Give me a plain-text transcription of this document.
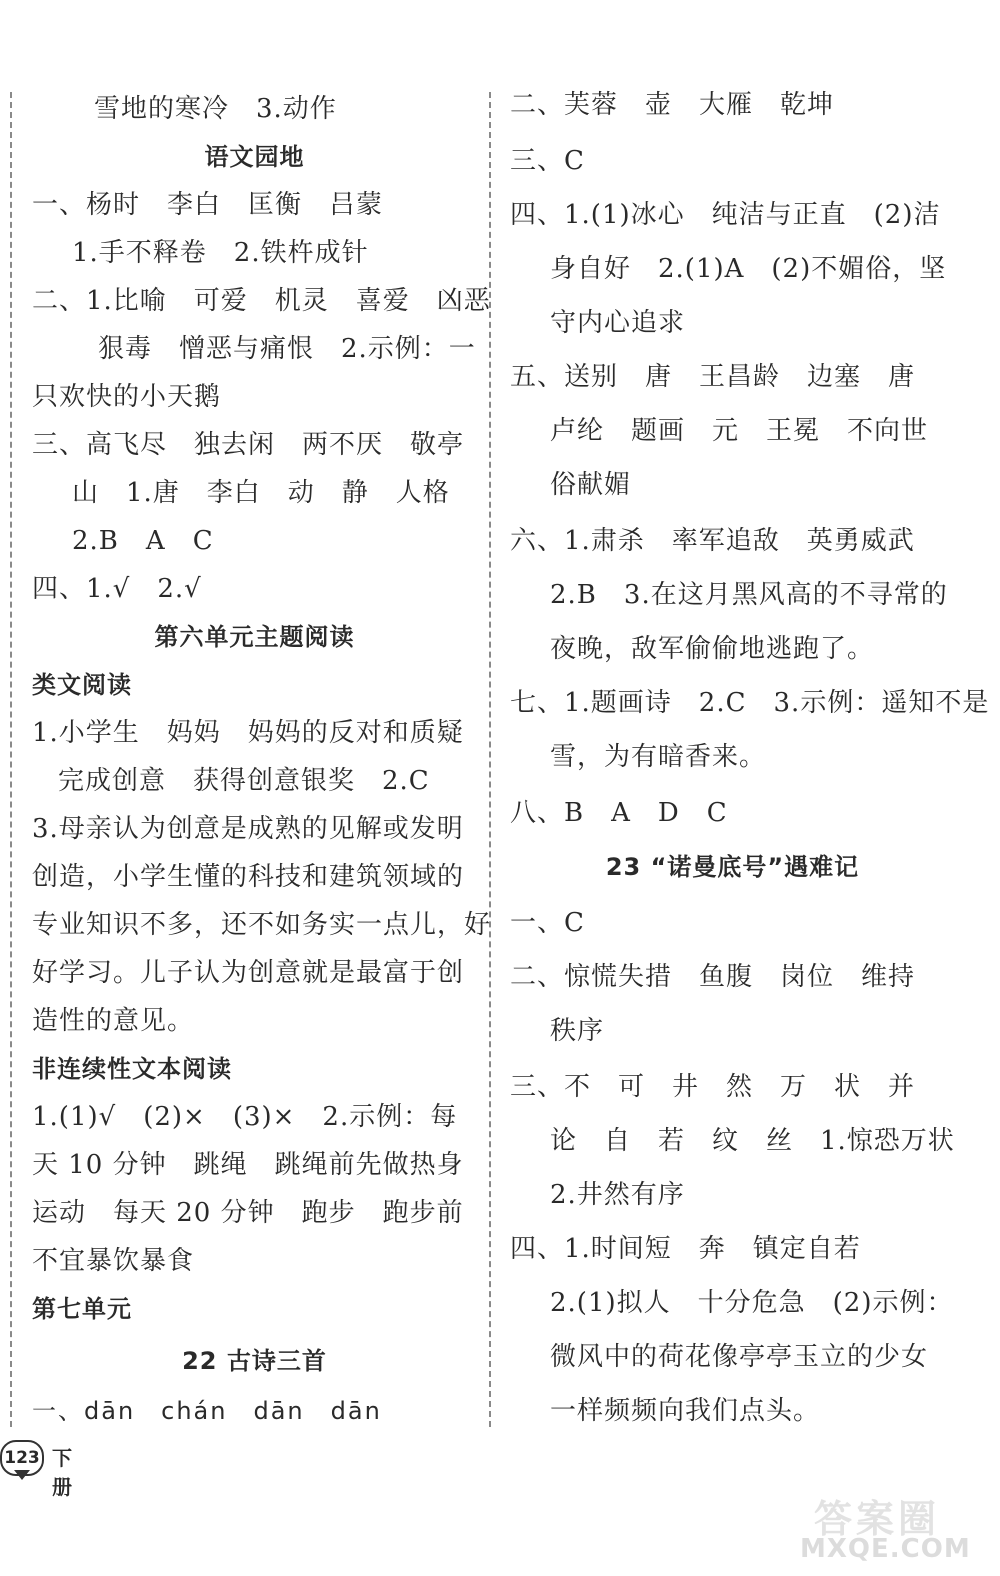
雪地的寒冷　3.动作
语文园地
一、杨时　李白　匡衡　吕蒙
1.手不释卷　2.铁杵成针
二、1.比喻　可爱　机灵　喜爱　凶恶
狠毒　憎恶与痛恨　2.示例：一
只欢快的小天鹅
三、高飞尽　独去闲　两不厌　敬亭
山　1.唐　李白　动　静　人格
2.B　A　C
四、1.√　2.√
第六单元主题阅读
类文阅读
1.小学生　妈妈　妈妈的反对和质疑
完成创意　获得创意银奖　2.C
3.母亲认为创意是成熟的见解或发明
创造，小学生懂的科技和建筑领域的
专业知识不多，还不如务实一点儿，好
好学习。儿子认为创意就是最富于创
造性的意见。
非连续性文本阅读
1.(1)√　(2)×　(3)×　2.示例：每
天 10 分钟　跳绳　跳绳前先做热身
运动　每天 20 分钟　跑步　跑步前
不宜暴饮暴食
第七单元
22 古诗三首
一、dān　chán　dān　dān
二、芙蓉　壶　大雁　乾坤
三、C
四、1.(1)冰心　纯洁与正直　(2)洁
身自好　2.(1)A　(2)不媚俗，坚
守内心追求
五、送别　唐　王昌龄　边塞　唐
卢纶　题画　元　王冕　不向世
俗献媚
六、1.肃杀　率军追敌　英勇威武
2.B　3.在这月黑风高的不寻常的
夜晚，敌军偷偷地逃跑了。
七、1.题画诗　2.C　3.示例：遥知不是
雪，为有暗香来。
八、B　A　D　C
23 “诺曼底号”遇难记
一、C
二、惊慌失措　鱼腹　岗位　维持
秩序
三、不　可　井　然　万　状　并
论　自　若　纹　丝　1.惊恐万状
2.井然有序
四、1.时间短　奔　镇定自若
2.(1)拟人　十分危急　(2)示例：
微风中的荷花像亭亭玉立的少女
一样频频向我们点头。
123 下册
答案圈
MXQE.COM
